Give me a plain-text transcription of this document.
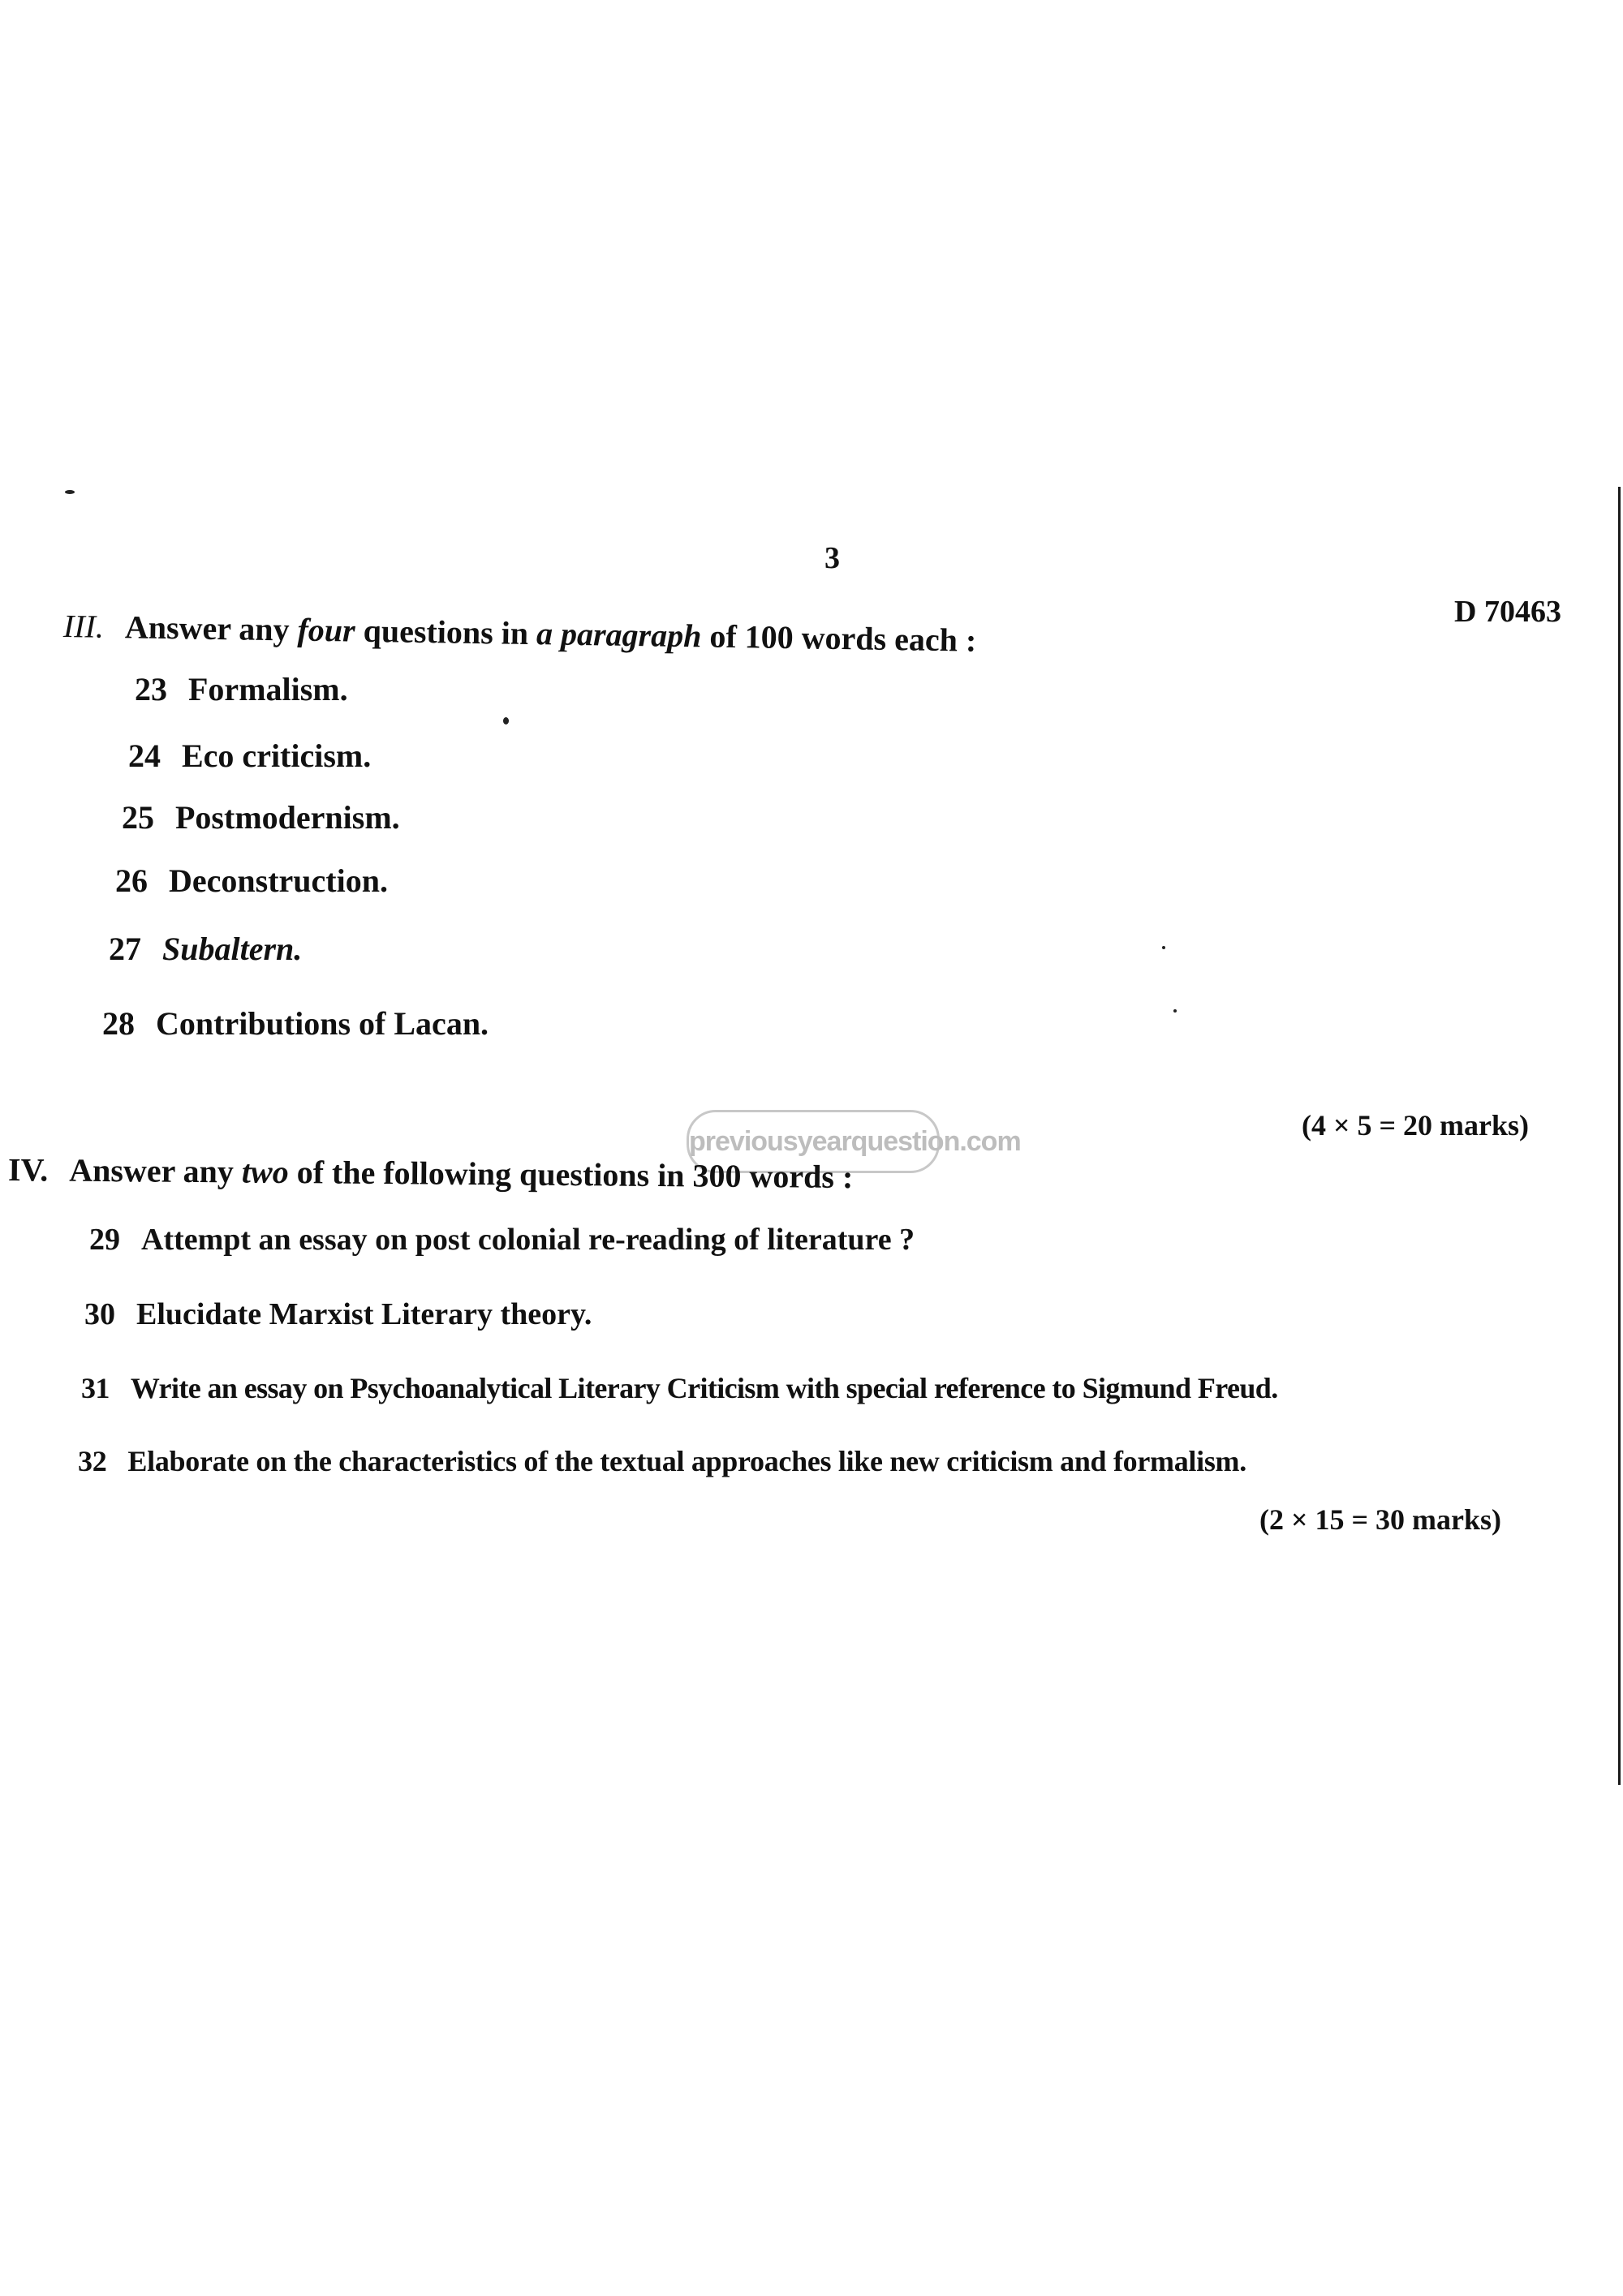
3
D 70463
III. Answer any four questions in a paragraph of 100 words each :
23 Formalism.
24 Eco criticism.
25 Postmodernism.
26 Deconstruction.
27 Subaltern.
28 Contributions of Lacan.
(4 × 5 = 20 marks)
previousyearquestion.com
IV. Answer any two of the following questions in 300 words :
29 Attempt an essay on post colonial re-reading of literature ?
30 Elucidate Marxist Literary theory.
31 Write an essay on Psychoanalytical Literary Criticism with special reference to Sigmund Freud.
32 Elaborate on the characteristics of the textual approaches like new criticism and formalism.
(2 × 15 = 30 marks)
